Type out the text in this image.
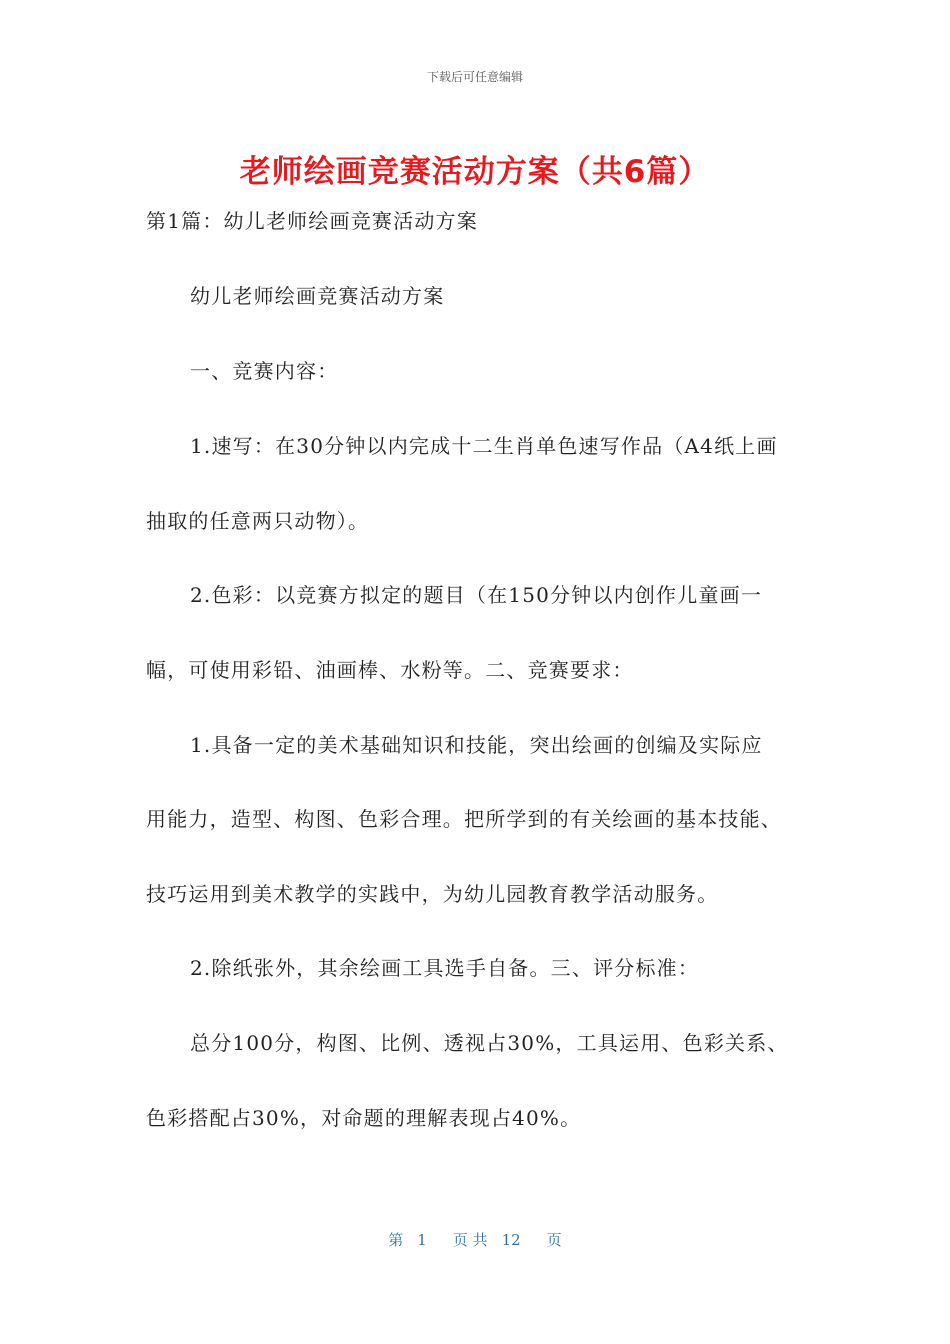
下载后可任意编辑
老师绘画竞赛活动方案（共6篇）
第1篇：幼儿老师绘画竞赛活动方案
幼儿老师绘画竞赛活动方案
一、竞赛内容：
1.速写：在30分钟以内完成十二生肖单色速写作品（A4纸上画
抽取的任意两只动物）。
2.色彩：以竞赛方拟定的题目（在150分钟以内创作儿童画一
幅，可使用彩铅、油画棒、水粉等。二、竞赛要求：
1.具备一定的美术基础知识和技能，突出绘画的创编及实际应
用能力，造型、构图、色彩合理。把所学到的有关绘画的基本技能、
技巧运用到美术教学的实践中，为幼儿园教育教学活动服务。
2.除纸张外，其余绘画工具选手自备。三、评分标准：
总分100分，构图、比例、透视占30%，工具运用、色彩关系、
色彩搭配占30%，对命题的理解表现占40%。
第 1 页 共 12 页
